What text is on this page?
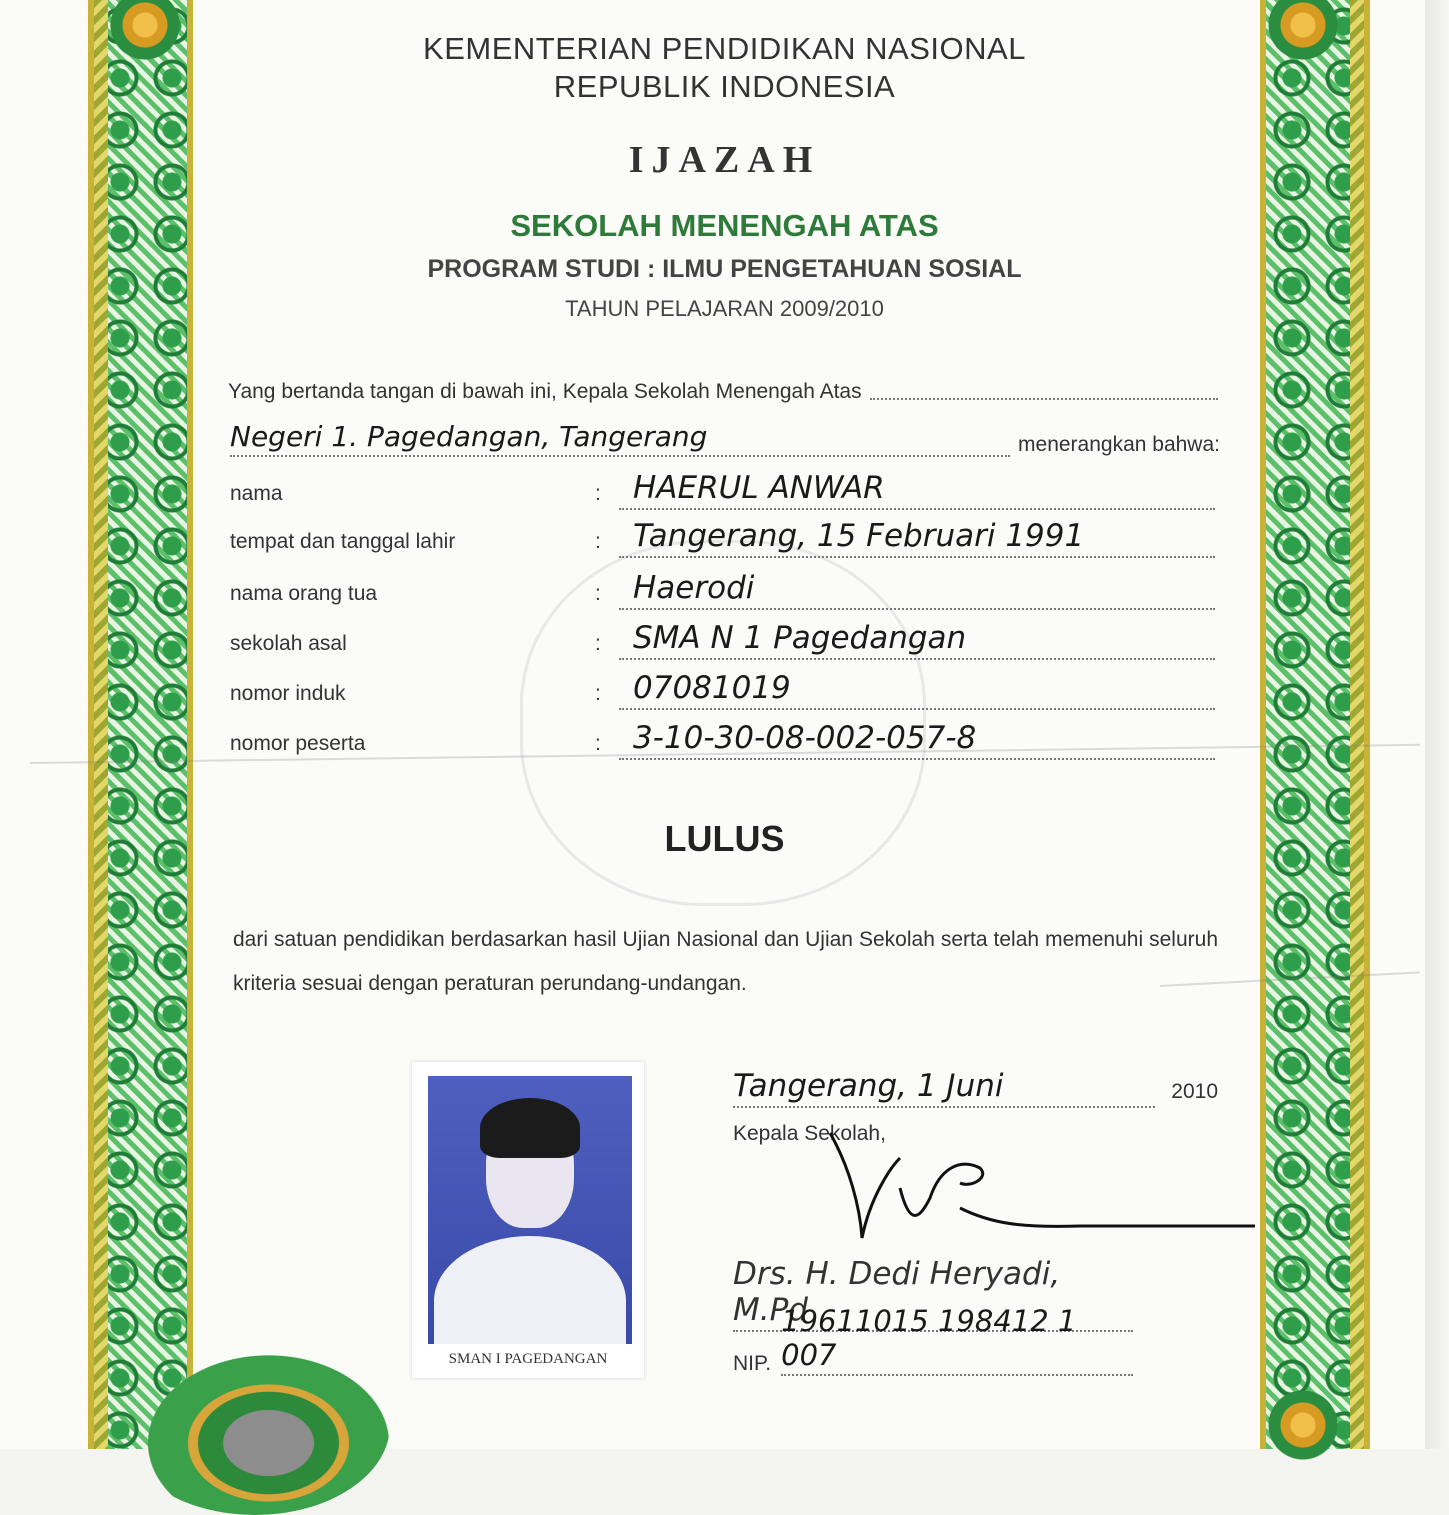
KEMENTERIAN PENDIDIKAN NASIONAL
REPUBLIK INDONESIA
IJAZAH
SEKOLAH MENENGAH ATAS
PROGRAM STUDI : ILMU PENGETAHUAN SOSIAL
TAHUN PELAJARAN 2009/2010
Yang bertanda tangan di bawah ini, Kepala Sekolah Menengah Atas
Negeri 1. Pagedangan, Tangerang	menerangkan bahwa:
nama	:	HAERUL ANWAR
tempat dan tanggal lahir	:	Tangerang, 15 Februari 1991
nama orang tua	:	Haerodi
sekolah asal	:	SMA N 1 Pagedangan
nomor induk	:	07081019
nomor peserta	:	3-10-30-08-002-057-8
LULUS
dari satuan pendidikan berdasarkan hasil Ujian Nasional dan Ujian Sekolah serta telah memenuhi seluruh kriteria sesuai dengan peraturan perundang-undangan.
SMAN I PAGEDANGAN
Tangerang, 1 Juni	2010
Kepala Sekolah,
Drs. H. Dedi Heryadi, M.Pd
NIP.
19611015 198412 1 007
